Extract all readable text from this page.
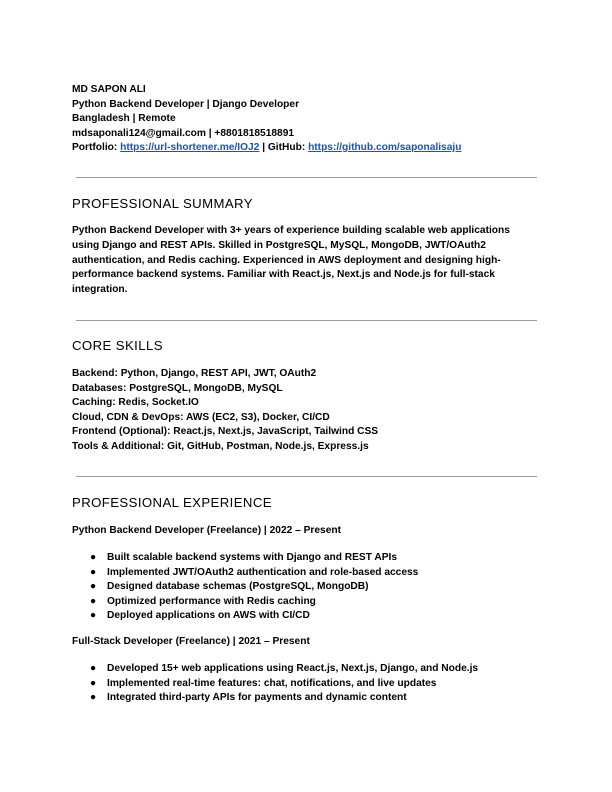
MD SAPON ALI
Python Backend Developer | Django Developer
Bangladesh | Remote
mdsaponali124@gmail.com | +8801818518891
Portfolio: https://url-shortener.me/IOJ2 | GitHub: https://github.com/saponalisaju
PROFESSIONAL SUMMARY
Python Backend Developer with 3+ years of experience building scalable web applications using Django and REST APIs. Skilled in PostgreSQL, MySQL, MongoDB, JWT/OAuth2 authentication, and Redis caching. Experienced in AWS deployment and designing high-performance backend systems. Familiar with React.js, Next.js and Node.js for full-stack integration.
CORE SKILLS
Backend: Python, Django, REST API, JWT, OAuth2
Databases: PostgreSQL, MongoDB, MySQL
Caching: Redis, Socket.IO
Cloud, CDN & DevOps: AWS (EC2, S3), Docker, CI/CD
Frontend (Optional): React.js, Next.js, JavaScript, Tailwind CSS
Tools & Additional: Git, GitHub, Postman, Node.js, Express.js
PROFESSIONAL EXPERIENCE
Python Backend Developer (Freelance) | 2022 – Present
● Built scalable backend systems with Django and REST APIs
● Implemented JWT/OAuth2 authentication and role-based access
● Designed database schemas (PostgreSQL, MongoDB)
● Optimized performance with Redis caching
● Deployed applications on AWS with CI/CD
Full-Stack Developer (Freelance) | 2021 – Present
● Developed 15+ web applications using React.js, Next.js, Django, and Node.js
● Implemented real-time features: chat, notifications, and live updates
● Integrated third-party APIs for payments and dynamic content
